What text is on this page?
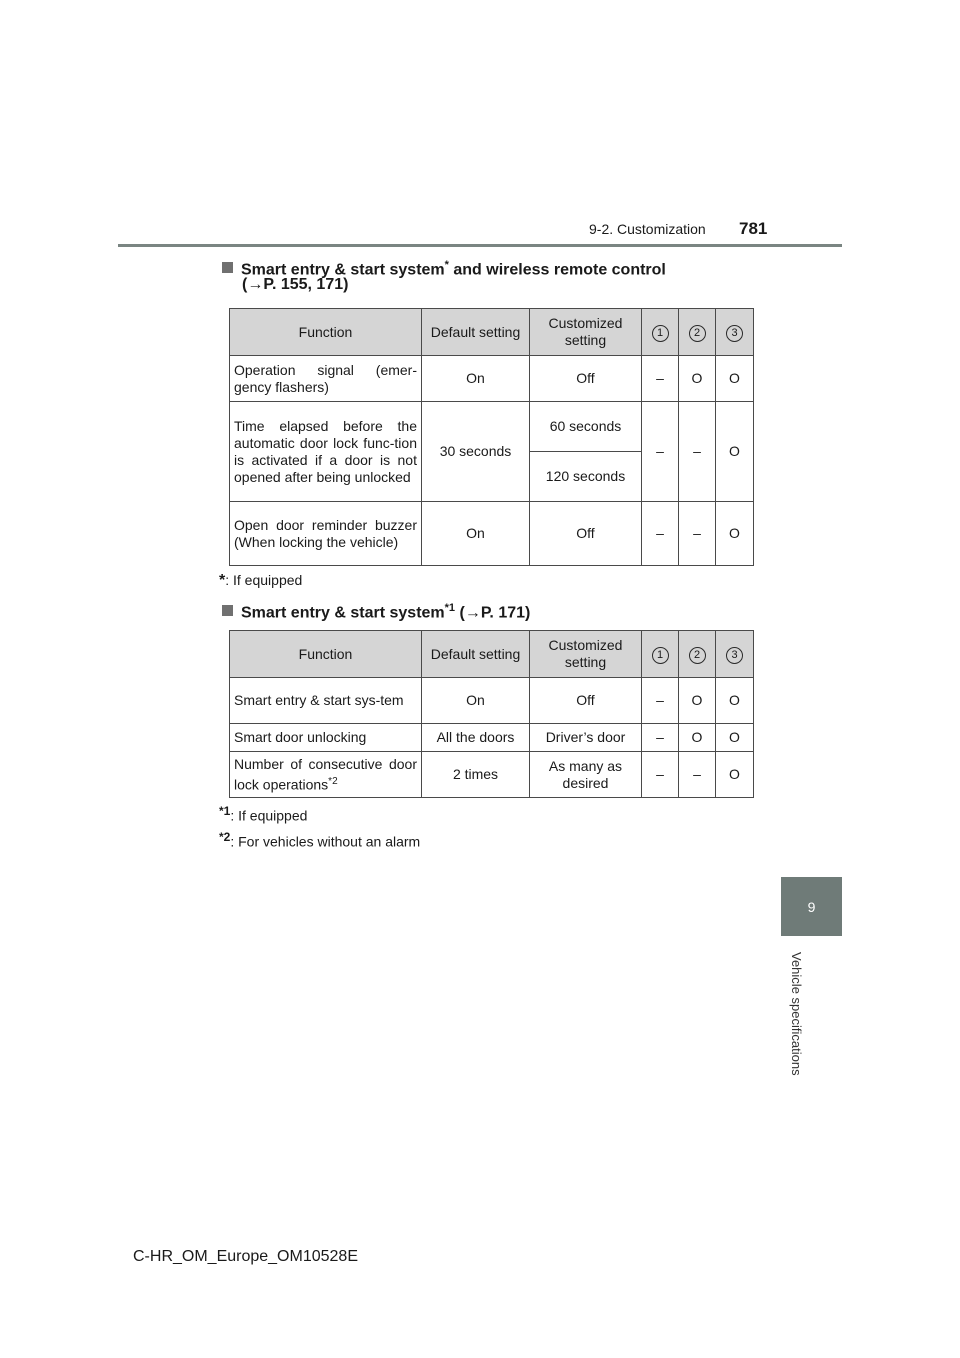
9-2. Customization 781
9
Vehicle specifications
Smart entry & start system* and wireless remote control
(→P. 155, 171)
Function	Default setting	Customized setting	1	2	3
Operation signal (emer-gency flashers)	On	Off	–	O	O
Time elapsed before the automatic door lock func-tion is activated if a door is not opened after being unlocked	30 seconds	60 seconds	–	–	O
		120 seconds			
Open door reminder buzzer (When locking the vehicle)	On	Off	–	–	O
*: If equipped
Smart entry & start system$^{*1}$ (→P. 171)
Function	Default setting	Customized setting	1	2	3
Smart entry & start sys-tem	On	Off	–	O	O
Smart door unlocking	All the doors	Driver’s door	–	O	O
Number of consecutive door lock operations$^{*2}$	2 times	As many as desired	–	–	O
$^{*1}$: If equipped
$^{*2}$: For vehicles without an alarm
C-HR_OM_Europe_OM10528E
